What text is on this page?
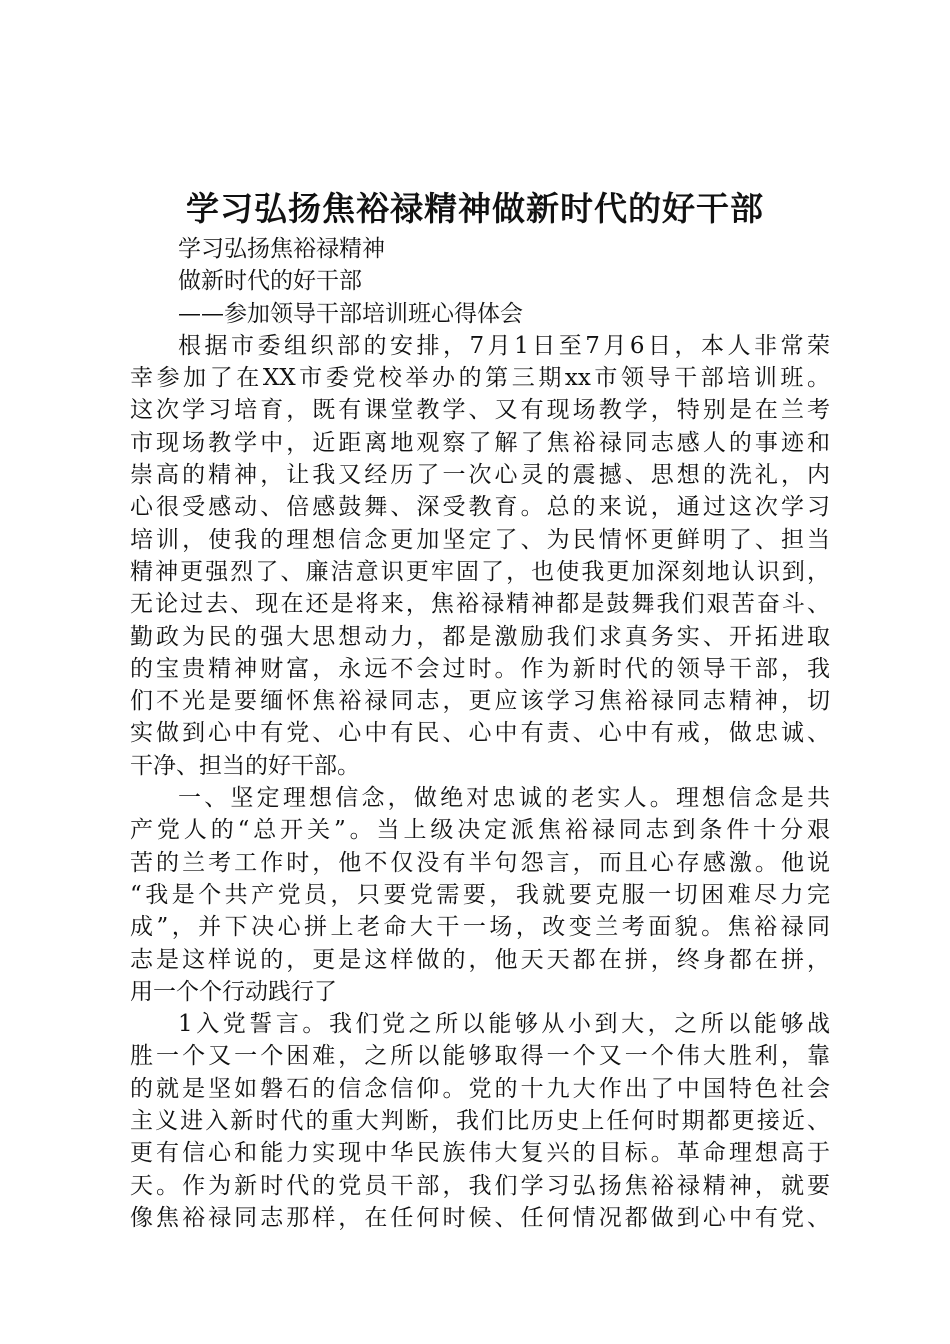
学习弘扬焦裕禄精神做新时代的好干部
学习弘扬焦裕禄精神
做新时代的好干部
——参加领导干部培训班心得体会
根据市委组织部的安排，7月1日至7月6日，本人非常荣
幸参加了在XX市委党校举办的第三期xx市领导干部培训班。
这次学习培育，既有课堂教学、又有现场教学，特别是在兰考
市现场教学中，近距离地观察了解了焦裕禄同志感人的事迹和
崇高的精神，让我又经历了一次心灵的震撼、思想的洗礼，内
心很受感动、倍感鼓舞、深受教育。总的来说，通过这次学习
培训，使我的理想信念更加坚定了、为民情怀更鲜明了、担当
精神更强烈了、廉洁意识更牢固了，也使我更加深刻地认识到，
无论过去、现在还是将来，焦裕禄精神都是鼓舞我们艰苦奋斗、
勤政为民的强大思想动力，都是激励我们求真务实、开拓进取
的宝贵精神财富，永远不会过时。作为新时代的领导干部，我
们不光是要缅怀焦裕禄同志，更应该学习焦裕禄同志精神，切
实做到心中有党、心中有民、心中有责、心中有戒，做忠诚、
干净、担当的好干部。
一、坚定理想信念，做绝对忠诚的老实人。理想信念是共
产党人的“总开关”。当上级决定派焦裕禄同志到条件十分艰
苦的兰考工作时，他不仅没有半句怨言，而且心存感激。他说
“我是个共产党员，只要党需要，我就要克服一切困难尽力完
成”，并下决心拼上老命大干一场，改变兰考面貌。焦裕禄同
志是这样说的，更是这样做的，他天天都在拼，终身都在拼，
用一个个行动践行了
1入党誓言。我们党之所以能够从小到大，之所以能够战
胜一个又一个困难，之所以能够取得一个又一个伟大胜利，靠
的就是坚如磐石的信念信仰。党的十九大作出了中国特色社会
主义进入新时代的重大判断，我们比历史上任何时期都更接近、
更有信心和能力实现中华民族伟大复兴的目标。革命理想高于
天。作为新时代的党员干部，我们学习弘扬焦裕禄精神，就要
像焦裕禄同志那样，在任何时候、任何情况都做到心中有党、
